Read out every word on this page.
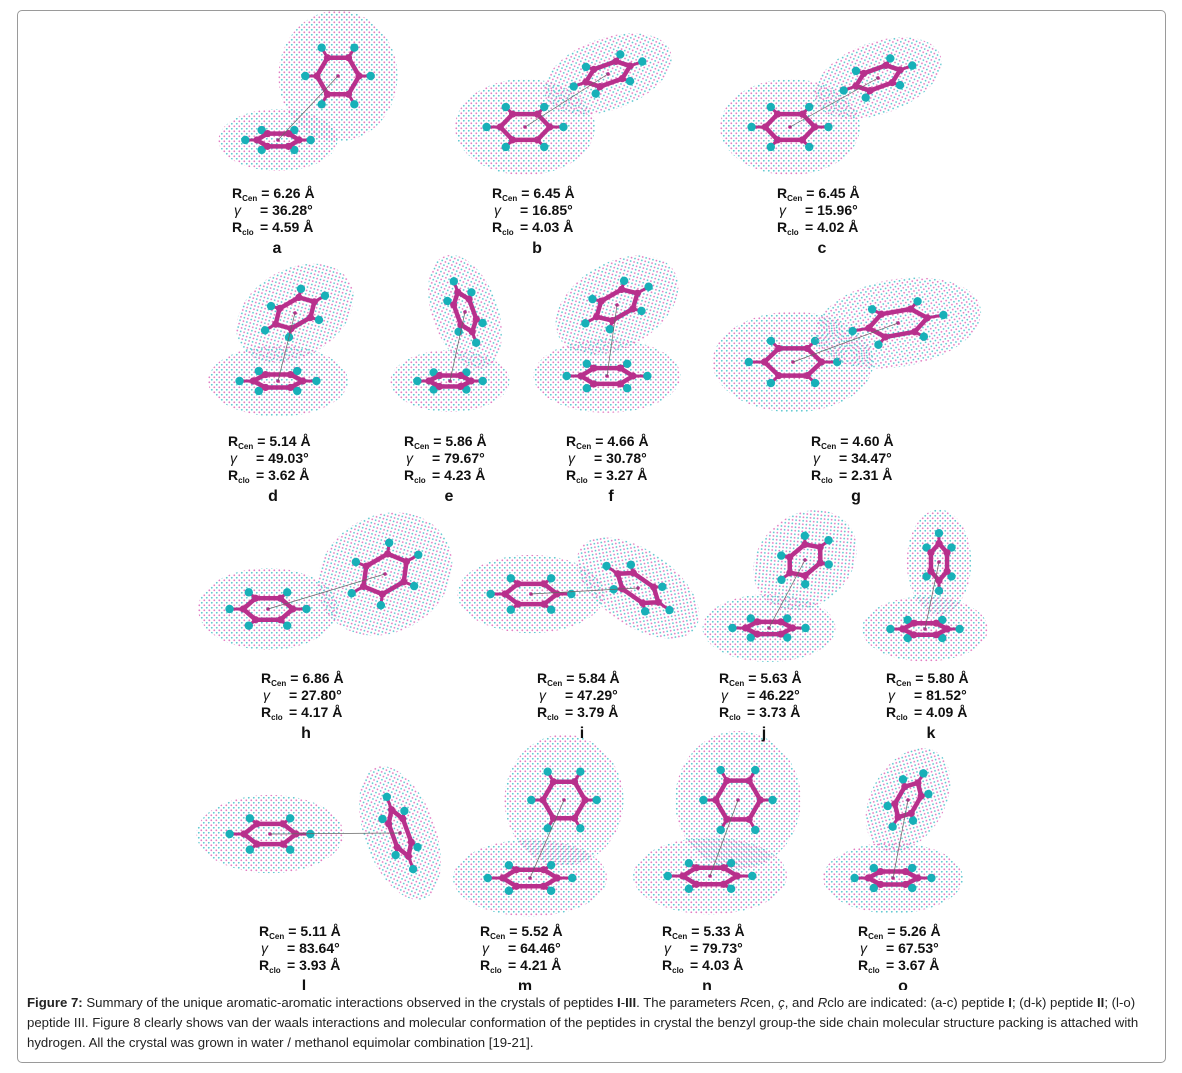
$R_{Cen} = 6.26$ Å
γ = 36.28°
$R_{clo} = 4.59$ Å
a
$R_{Cen} = 6.45$ Å
γ = 16.85°
$R_{clo} = 4.03$ Å
b
$R_{Cen} = 6.45$ Å
γ = 15.96°
$R_{clo} = 4.02$ Å
c
$R_{Cen} = 5.14$ Å
γ = 49.03°
$R_{clo} = 3.62$ Å
d
$R_{Cen} = 5.86$ Å
γ = 79.67°
$R_{clo} = 4.23$ Å
e
$R_{Cen} = 4.66$ Å
γ = 30.78°
$R_{clo} = 3.27$ Å
f
$R_{Cen} = 4.60$ Å
γ = 34.47°
$R_{clo} = 2.31$ Å
g
$R_{Cen} = 6.86$ Å
γ = 27.80°
$R_{clo} = 4.17$ Å
h
$R_{Cen} = 5.84$ Å
γ = 47.29°
$R_{clo} = 3.79$ Å
i
$R_{Cen} = 5.63$ Å
γ = 46.22°
$R_{clo} = 3.73$ Å
j
$R_{Cen} = 5.80$ Å
γ = 81.52°
$R_{clo} = 4.09$ Å
k
$R_{Cen} = 5.11$ Å
γ = 83.64°
$R_{clo} = 3.93$ Å
l
$R_{Cen} = 5.52$ Å
γ = 64.46°
$R_{clo} = 4.21$ Å
m
$R_{Cen} = 5.33$ Å
γ = 79.73°
$R_{clo} = 4.03$ Å
n
$R_{Cen} = 5.26$ Å
γ = 67.53°
$R_{clo} = 3.67$ Å
o
Figure 7: Summary of the unique aromatic-aromatic interactions observed in the crystals of peptides I-III. The parameters Rcen, ç, and Rclo are indicated: (a-c) peptide I; (d-k) peptide II; (l-o) peptide III. Figure 8 clearly shows van der waals interactions and molecular conformation of the peptides in crystal the benzyl group-the side chain molecular structure packing is attached with hydrogen. All the crystal was grown in water / methanol equimolar combination [19-21].
